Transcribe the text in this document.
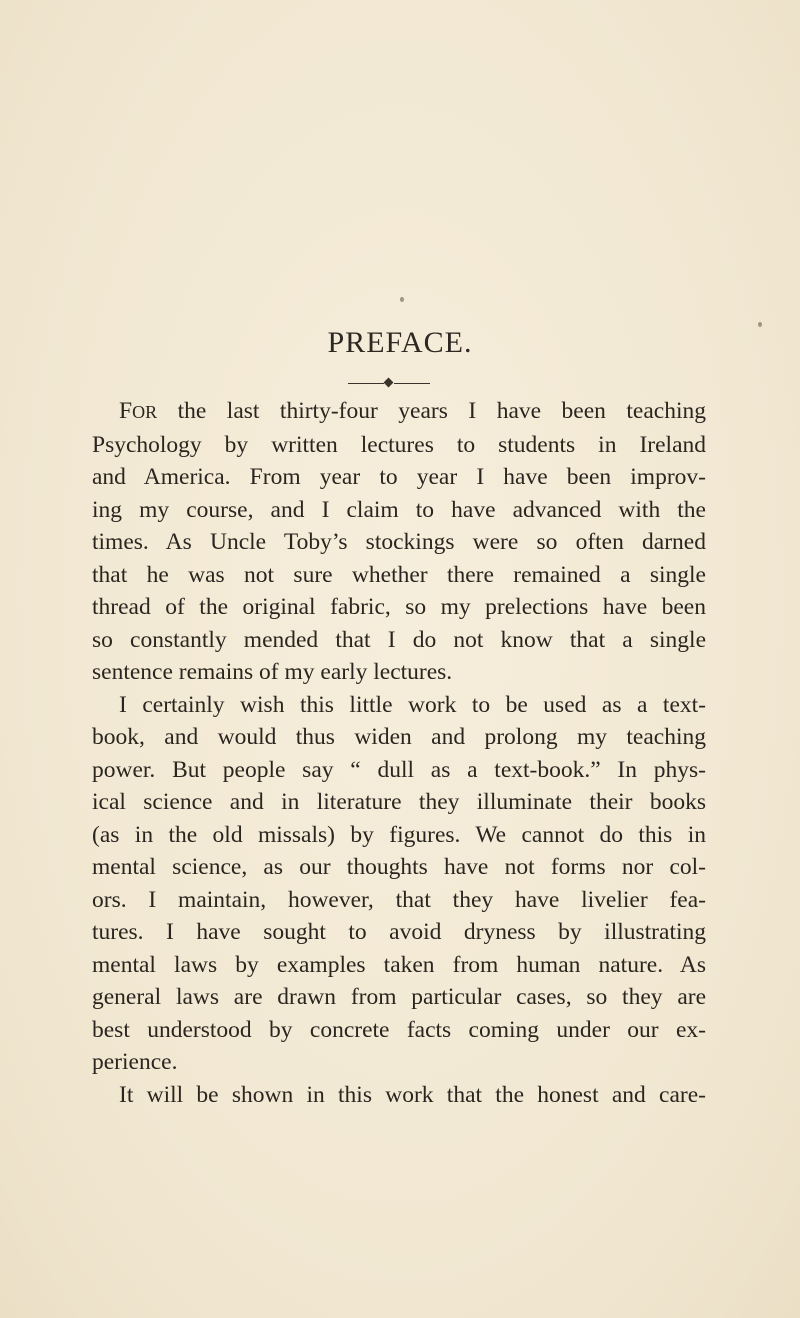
PREFACE.
FOR the last thirty-four years I have been teaching
Psychology by written lectures to students in Ireland
and America. From year to year I have been improv-
ing my course, and I claim to have advanced with the
times. As Uncle Toby’s stockings were so often darned
that he was not sure whether there remained a single
thread of the original fabric, so my prelections have been
so constantly mended that I do not know that a single
sentence remains of my early lectures.
I certainly wish this little work to be used as a text-
book, and would thus widen and prolong my teaching
power. But people say “ dull as a text-book.” In phys-
ical science and in literature they illuminate their books
(as in the old missals) by figures. We cannot do this in
mental science, as our thoughts have not forms nor col-
ors. I maintain, however, that they have livelier fea-
tures. I have sought to avoid dryness by illustrating
mental laws by examples taken from human nature. As
general laws are drawn from particular cases, so they are
best understood by concrete facts coming under our ex-
perience.
It will be shown in this work that the honest and care-
